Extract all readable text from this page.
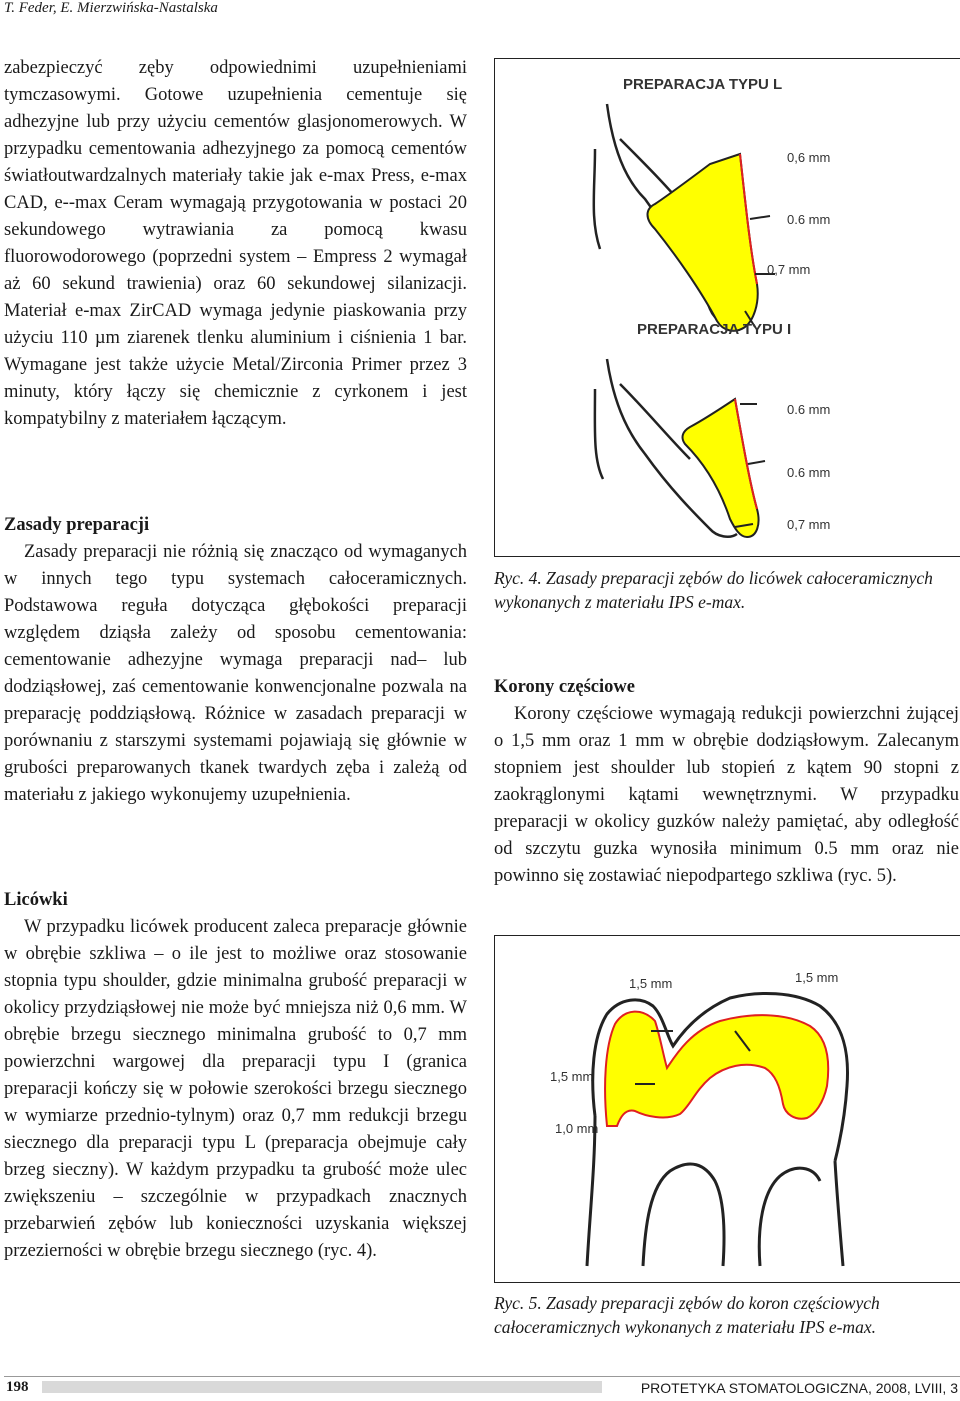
T. Feder, E. Mierzwińska-Nastalska

zabezpieczyć zęby odpowiednimi uzupełnieniami tymczasowymi. Gotowe uzupełnienia cementuje się adhezyjne lub przy użyciu cementów glasjonomerowych. W przypadku cementowania adhezyjnego za pomocą cementów światłoutwardzalnych materiały takie jak e-max Press, e-max CAD, e--max Ceram wymagają przygotowania w postaci 20 sekundowego wytrawiania za pomocą kwasu fluorowodorowego (poprzedni system – Empress 2 wymagał aż 60 sekund trawienia) oraz 60 sekundowej silanizacji. Materiał e-max ZirCAD wymaga jedynie piaskowania przy użyciu 110 µm ziarenek tlenku aluminium i ciśnienia 1 bar. Wymagane jest także użycie Metal/Zirconia Primer przez 3 minuty, który łączy się chemicznie z cyrkonem i jest kompatybilny z materiałem łączącym.

Zasady preparacji

Zasady preparacji nie różnią się znacząco od wymaganych w innych tego typu systemach całoceramicznych. Podstawowa reguła dotycząca głębokości preparacji względem dziąsła zależy od sposobu cementowania: cementowanie adhezyjne wymaga preparacji nad– lub dodziąsłowej, zaś cementowanie konwencjonalne pozwala na preparację poddziąsłową. Różnice w zasadach preparacji w porównaniu z starszymi systemami pojawiają się głównie w grubości preparowanych tkanek twardych zęba i zależą od materiału z jakiego wykonujemy uzupełnienia.

Licówki

W przypadku licówek producent zaleca preparacje głównie w obrębie szkliwa – o ile jest to możliwe oraz stosowanie stopnia typu shoulder, gdzie minimalna grubość preparacji w okolicy przydziąsłowej nie może być mniejsza niż 0,6 mm. W obrębie brzegu siecznego minimalna grubość to 0,7 mm powierzchni wargowej dla preparacji typu I (granica preparacji kończy się w połowie szerokości brzegu siecznego w wymiarze przednio-tylnym) oraz 0,7 mm redukcji brzegu siecznego dla preparacji typu L (preparacja obejmuje cały brzeg sieczny). W każdym przypadku ta grubość może ulec zwiększeniu – szczególnie w przypadkach znacznych przebarwień zębów lub konieczności uzyskania większej przezierności w obrębie brzegu siecznego (ryc. 4).

PREPARACJA TYPU L
0,6 mm
0.6 mm
0,7 mm
PREPARACJA TYPU I
0.6 mm
0.6 mm
0,7 mm
Ryc. 4. Zasady preparacji zębów do licówek całoceramicznych wykonanych z materiału IPS e-max.
Korony częściowe

Korony częściowe wymagają redukcji powierzchni żującej o 1,5 mm oraz 1 mm w obrębie dodziąsłowym. Zalecanym stopniem jest shoulder lub stopień z kątem 90 stopni z zaokrąglonymi kątami wewnętrznymi. W przypadku preparacji w okolicy guzków należy pamiętać, aby odległość od szczytu guzka wynosiła minimum 0.5 mm oraz nie powinno się zostawiać niepodpartego szkliwa (ryc. 5).

1,5 mm	1,5 mm
1,5 mm
1,0 mm
Ryc. 5. Zasady preparacji zębów do koron częściowych całoceramicznych wykonanych z materiału IPS e-max.
198	PROTETYKA STOMATOLOGICZNA, 2008, LVIII, 3
